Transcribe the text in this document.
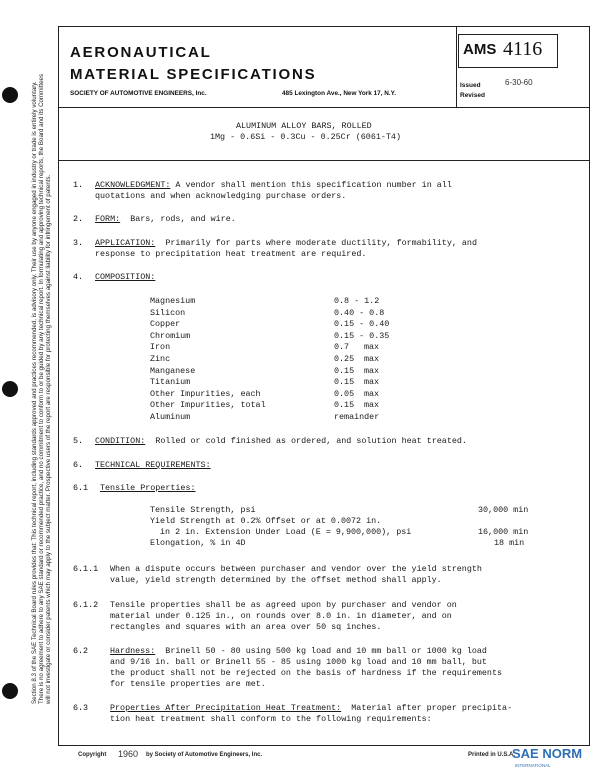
Section 8.3 of the SAE Technical Board rules provides that: This technical report, including standards approved and practices recommended, is advisory only. Their use by anyone engaged in industry or trade is entirely voluntary. There is no agreement to adhere to any SAE standard or recommended practice, and no commitment to conform to or be guided by any technical report. In formulating and approving technical reports, the Board and its Committees will not investigate or consider patents which may apply to the subject matter. Prospective users of the report are responsible for protecting themselves against liability for infringement of patents.
AERONAUTICAL
MATERIAL SPECIFICATIONS
SOCIETY OF AUTOMOTIVE ENGINEERS, Inc.	485 Lexington Ave., New York 17, N.Y.
AMS 4116
Issued	6-30-60
Revised
ALUMINUM ALLOY BARS, ROLLED
1Mg - 0.6Si - 0.3Cu - 0.25Cr (6061-T4)
1. ACKNOWLEDGMENT: A vendor shall mention this specification number in all
quotations and when acknowledging purchase orders.
2. FORM: Bars, rods, and wire.
3. APPLICATION: Primarily for parts where moderate ductility, formability, and
response to precipitation heat treatment are required.
4. COMPOSITION:
Magnesium	0.8 - 1.2
Silicon	0.40 - 0.8
Copper	0.15 - 0.40
Chromium	0.15 - 0.35
Iron	0.7 max
Zinc	0.25 max
Manganese	0.15 max
Titanium	0.15 max
Other Impurities, each	0.05 max
Other Impurities, total	0.15 max
Aluminum	remainder
5. CONDITION: Rolled or cold finished as ordered, and solution heat treated.
6. TECHNICAL REQUIREMENTS:
6.1 Tensile Properties:
Tensile Strength, psi	30,000 min
Yield Strength at 0.2% Offset or at 0.0072 in.
in 2 in. Extension Under Load (E = 9,900,000), psi	16,000 min
Elongation, % in 4D	18 min
6.1.1 When a dispute occurs between purchaser and vendor over the yield strength
value, yield strength determined by the offset method shall apply.
6.1.2 Tensile properties shall be as agreed upon by purchaser and vendor on
material under 0.125 in., on rounds over 8.0 in. in diameter, and on
rectangles and squares with an area over 50 sq inches.
6.2	Hardness: Brinell 50 - 80 using 500 kg load and 10 mm ball or 1000 kg load
and 9/16 in. ball or Brinell 55 - 85 using 1000 kg load and 10 mm ball, but
the product shall not be rejected on the basis of hardness if the requirements
for tensile properties are met.
6.3	Properties After Precipitation Heat Treatment: Material after proper precipita-
tion heat treatment shall conform to the following requirements:
Copyright 1960 by Society of Automotive Engineers, Inc.	Printed in U.S.A.
SAE NORM
INTERNATIONAL
